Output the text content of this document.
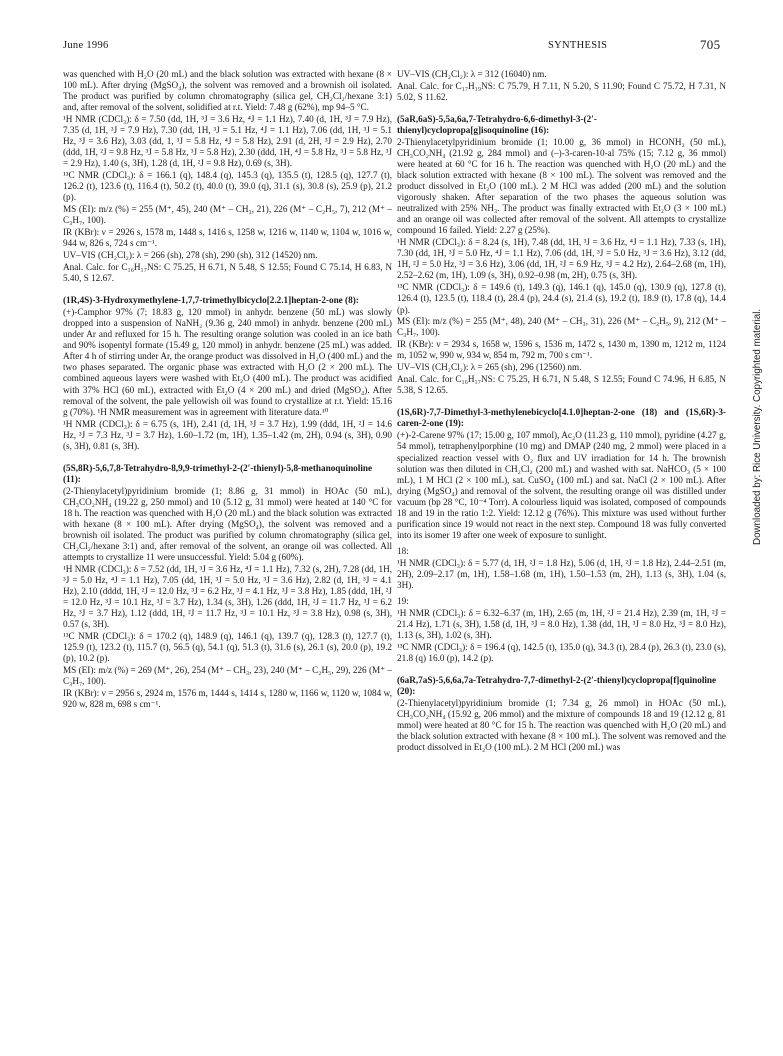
June 1996	SYNTHESIS	705

was quenched with H₂O (20 mL) and the black solution was extracted with hexane (8 × 100 mL). After drying (MgSO₄), the solvent was removed and a brownish oil isolated. The product was purified by column chromatography (silica gel, CH₂Cl₂/hexane 3:1) and, after removal of the solvent, solidified at r.t. Yield: 7.48 g (62%), mp 94–5 °C.

¹H NMR (CDCl₃): δ = 7.50 (dd, 1H, ³J = 3.6 Hz, ⁴J = 1.1 Hz), 7.40 (d, 1H, ³J = 7.9 Hz), 7.35 (d, 1H, ³J = 7.9 Hz), 7.30 (dd, 1H, ³J = 5.1 Hz, ⁴J = 1.1 Hz), 7.06 (dd, 1H, ³J = 5.1 Hz, ³J = 3.6 Hz), 3.03 (dd, 1, ³J = 5.8 Hz, ⁴J = 5.8 Hz), 2.91 (d, 2H, ³J = 2.9 Hz), 2.70 (ddd, 1H, ²J = 9.8 Hz, ³J = 5.8 Hz, ³J = 5.8 Hz), 2.30 (ddd, 1H, ⁴J = 5.8 Hz, ³J = 5.8 Hz, ³J = 2.9 Hz), 1.40 (s, 3H), 1.28 (d, 1H, ²J = 9.8 Hz), 0.69 (s, 3H).

¹³C NMR (CDCl₃): δ = 166.1 (q), 148.4 (q), 145.3 (q), 135.5 (t), 128.5 (q), 127.7 (t), 126.2 (t), 123.6 (t), 116.4 (t), 50.2 (t), 40.0 (t), 39.0 (q), 31.1 (s), 30.8 (s), 25.9 (p), 21.2 (p).

MS (EI): m/z (%) = 255 (M⁺, 45), 240 (M⁺ – CH₃, 21), 226 (M⁺ – C₂H₅, 7), 212 (M⁺ – C₃H₇, 100).

IR (KBr): ν = 2926 s, 1578 m, 1448 s, 1416 s, 1258 w, 1216 w, 1140 w, 1104 w, 1016 w, 944 w, 826 s, 724 s cm⁻¹.

UV–VIS (CH₂Cl₂): λ = 266 (sh), 278 (sh), 290 (sh), 312 (14520) nm.

Anal. Calc. for C₁₆H₁₇NS: C 75.25, H 6.71, N 5.48, S 12.55; Found C 75.14, H 6.83, N 5.40, S 12.67.

(1R,4S)-3-Hydroxymethylene-1,7,7-trimethylbicyclo[2.2.1]heptan-2-one (8):

(+)-Camphor 97% (7; 18.83 g, 120 mmol) in anhydr. benzene (50 mL) was slowly dropped into a suspension of NaNH₂ (9.36 g, 240 mmol) in anhydr. benzene (200 mL) under Ar and refluxed for 15 h. The resulting orange solution was cooled in an ice bath and 90% isopentyl formate (15.49 g, 120 mmol) in anhydr. benzene (25 mL) was added. After 4 h of stirring under Ar, the orange product was dissolved in H₂O (400 mL) and the two phases separated. The organic phase was extracted with H₂O (2 × 200 mL). The combined aqueous layers were washed with Et₂O (400 mL). The product was acidified with 37% HCl (60 mL), extracted with Et₂O (4 × 200 mL) and dried (MgSO₄). After removal of the solvent, the pale yellowish oil was found to crystallize at r.t. Yield: 15.16 g (70%). ¹H NMR measurement was in agreement with literature data.¹⁰

¹H NMR (CDCl₃): δ = 6.75 (s, 1H), 2.41 (d, 1H, ³J = 3.7 Hz), 1.99 (ddd, 1H, ²J = 14.6 Hz, ³J = 7.3 Hz, ³J = 3.7 Hz), 1.60–1.72 (m, 1H), 1.35–1.42 (m, 2H), 0.94 (s, 3H), 0.90 (s, 3H), 0.81 (s, 3H).

(5S,8R)-5,6,7,8-Tetrahydro-8,9,9-trimethyl-2-(2′-thienyl)-5,8-methanoquinoline (11):

(2-Thienylacetyl)pyridinium bromide (1; 8.86 g, 31 mmol) in HOAc (50 mL), CH₃CO₂NH₄ (19.22 g, 250 mmol) and 10 (5.12 g, 31 mmol) were heated at 140 °C for 18 h. The reaction was quenched with H₂O (20 mL) and the black solution was extracted with hexane (8 × 100 mL). After drying (MgSO₄), the solvent was removed and a brownish oil isolated. The product was purified by column chromatography (silica gel, CH₂Cl₂/hexane 3:1) and, after removal of the solvent, an orange oil was collected. All attempts to crystallize 11 were unsuccessful. Yield: 5.04 g (60%).

¹H NMR (CDCl₃): δ = 7.52 (dd, 1H, ³J = 3.6 Hz, ⁴J = 1.1 Hz), 7.32 (s, 2H), 7.28 (dd, 1H, ³J = 5.0 Hz, ⁴J = 1.1 Hz), 7.05 (dd, 1H, ³J = 5.0 Hz, ³J = 3.6 Hz), 2.82 (d, 1H, ³J = 4.1 Hz), 2.10 (dddd, 1H, ²J = 12.0 Hz, ³J = 6.2 Hz, ³J = 4.1 Hz, ³J = 3.8 Hz), 1.85 (ddd, 1H, ²J = 12.0 Hz, ³J = 10.1 Hz, ³J = 3.7 Hz), 1.34 (s, 3H), 1.26 (ddd, 1H, ²J = 11.7 Hz, ³J = 6.2 Hz, ³J = 3.7 Hz), 1.12 (ddd, 1H, ²J = 11.7 Hz, ³J = 10.1 Hz, ³J = 3.8 Hz), 0.98 (s, 3H), 0.57 (s, 3H).

¹³C NMR (CDCl₃): δ = 170.2 (q), 148.9 (q), 146.1 (q), 139.7 (q), 128.3 (t), 127.7 (t), 125.9 (t), 123.2 (t), 115.7 (t), 56.5 (q), 54.1 (q), 51.3 (t), 31.6 (s), 26.1 (s), 20.0 (p), 19.2 (p), 10.2 (p).

MS (EI): m/z (%) = 269 (M⁺, 26), 254 (M⁺ – CH₃, 23), 240 (M⁺ – C₂H₅, 29), 226 (M⁺ – C₃H₇, 100).

IR (KBr): ν = 2956 s, 2924 m, 1576 m, 1444 s, 1414 s, 1280 w, 1166 w, 1120 w, 1084 w, 920 w, 828 m, 698 s cm⁻¹.

UV–VIS (CH₂Cl₂): λ = 312 (16040) nm.

Anal. Calc. for C₁₇H₁₉NS: C 75.79, H 7.11, N 5.20, S 11.90; Found C 75.72, H 7.31, N 5.02, S 11.62.

(5aR,6aS)-5,5a,6a,7-Tetrahydro-6,6-dimethyl-3-(2′-thienyl)cyclopropa[g]isoquinoline (16):

2-Thienylacetylpyridinium bromide (1; 10.00 g, 36 mmol) in HCONH₂ (50 mL), CH₃CO₂NH₄ (21.92 g, 284 mmol) and (–)-3-caren-10-al 75% (15; 7.12 g, 36 mmol) were heated at 60 °C for 16 h. The reaction was quenched with H₂O (20 mL) and the black solution extracted with hexane (8 × 100 mL). The solvent was removed and the product dissolved in Et₂O (100 mL). 2 M HCl was added (200 mL) and the solution vigorously shaken. After separation of the two phases the aqueous solution was neutralized with 25% NH₃. The product was finally extracted with Et₂O (3 × 100 mL) and an orange oil was collected after removal of the solvent. All attempts to crystallize compound 16 failed. Yield: 2.27 g (25%).

¹H NMR (CDCl₃): δ = 8.24 (s, 1H), 7.48 (dd, 1H, ³J = 3.6 Hz, ⁴J = 1.1 Hz), 7.33 (s, 1H), 7.30 (dd, 1H, ³J = 5.0 Hz, ⁴J = 1.1 Hz), 7.06 (dd, 1H, ³J = 5.0 Hz, ³J = 3.6 Hz), 3.12 (dd, 1H, ²J = 5.0 Hz, ³J = 3.6 Hz), 3.06 (dd, 1H, ²J = 6.9 Hz, ³J = 4.2 Hz), 2.64–2.68 (m, 1H), 2.52–2.62 (m, 1H), 1.09 (s, 3H), 0.92–0.98 (m, 2H), 0.75 (s, 3H).

¹³C NMR (CDCl₃): δ = 149.6 (t), 149.3 (q), 146.1 (q), 145.0 (q), 130.9 (q), 127.8 (t), 126.4 (t), 123.5 (t), 118.4 (t), 28.4 (p), 24.4 (s), 21.4 (s), 19.2 (t), 18.9 (t), 17.8 (q), 14.4 (p).

MS (EI): m/z (%) = 255 (M⁺, 48), 240 (M⁺ – CH₃, 31), 226 (M⁺ – C₂H₅, 9), 212 (M⁺ – C₃H₇, 100).

IR (KBr): ν = 2934 s, 1658 w, 1596 s, 1536 m, 1472 s, 1430 m, 1390 m, 1212 m, 1124 m, 1052 w, 990 w, 934 w, 854 m, 792 m, 700 s cm⁻¹.

UV–VIS (CH₂Cl₂): λ = 265 (sh), 296 (12560) nm.

Anal. Calc. for C₁₆H₁₇NS: C 75.25, H 6.71, N 5.48, S 12.55; Found C 74.96, H 6.85, N 5.38, S 12.65.

(1S,6R)-7,7-Dimethyl-3-methylenebicyclo[4.1.0]heptan-2-one (18) and (1S,6R)-3-caren-2-one (19):

(+)-2-Carene 97% (17; 15.00 g, 107 mmol), Ac₂O (11.23 g, 110 mmol), pyridine (4.27 g, 54 mmol), tetraphenylporphine (10 mg) and DMAP (240 mg, 2 mmol) were placed in a specialized reaction vessel with O₂ flux and UV irradiation for 14 h. The brownish solution was then diluted in CH₂Cl₂ (200 mL) and washed with sat. NaHCO₃ (5 × 100 mL), 1 M HCl (2 × 100 mL), sat. CuSO₄ (100 mL) and sat. NaCl (2 × 100 mL). After drying (MgSO₄) and removal of the solvent, the resulting orange oil was distilled under vacuum (bp 28 °C, 10⁻⁴ Torr). A colourless liquid was isolated, composed of compounds 18 and 19 in the ratio 1:2. Yield: 12.12 g (76%). This mixture was used without further purification since 19 would not react in the next step. Compound 18 was fully converted into its isomer 19 after one week of exposure to sunlight.

18:

¹H NMR (CDCl₃): δ = 5.77 (d, 1H, ²J = 1.8 Hz), 5.06 (d, 1H, ²J = 1.8 Hz), 2.44–2.51 (m, 2H), 2.09–2.17 (m, 1H), 1.58–1.68 (m, 1H), 1.50–1.53 (m, 2H), 1.13 (s, 3H), 1.04 (s, 3H).

19:

¹H NMR (CDCl₃): δ = 6.32–6.37 (m, 1H), 2.65 (m, 1H, ²J = 21.4 Hz), 2.39 (m, 1H, ²J = 21.4 Hz), 1.71 (s, 3H), 1.58 (d, 1H, ³J = 8.0 Hz), 1.38 (dd, 1H, ³J = 8.0 Hz, ³J = 8.0 Hz), 1.13 (s, 3H), 1.02 (s, 3H).

¹³C NMR (CDCl₃): δ = 196.4 (q), 142.5 (t), 135.0 (q), 34.3 (t), 28.4 (p), 26.3 (t), 23.0 (s), 21.8 (q) 16.0 (p), 14.2 (p).

(6aR,7aS)-5,6,6a,7a-Tetrahydro-7,7-dimethyl-2-(2′-thienyl)cyclopropa[f]quinoline (20):

(2-Thienylacetyl)pyridinium bromide (1; 7.34 g, 26 mmol) in HOAc (50 mL), CH₃CO₂NH₄ (15.92 g, 206 mmol) and the mixture of compounds 18 and 19 (12.12 g, 81 mmol) were heated at 80 °C for 15 h. The reaction was quenched with H₂O (20 mL) and the black solution extracted with hexane (8 × 100 mL). The solvent was removed and the product dissolved in Et₂O (100 mL). 2 M HCl (200 mL) was

Downloaded by: Rice University. Copyrighted material.
